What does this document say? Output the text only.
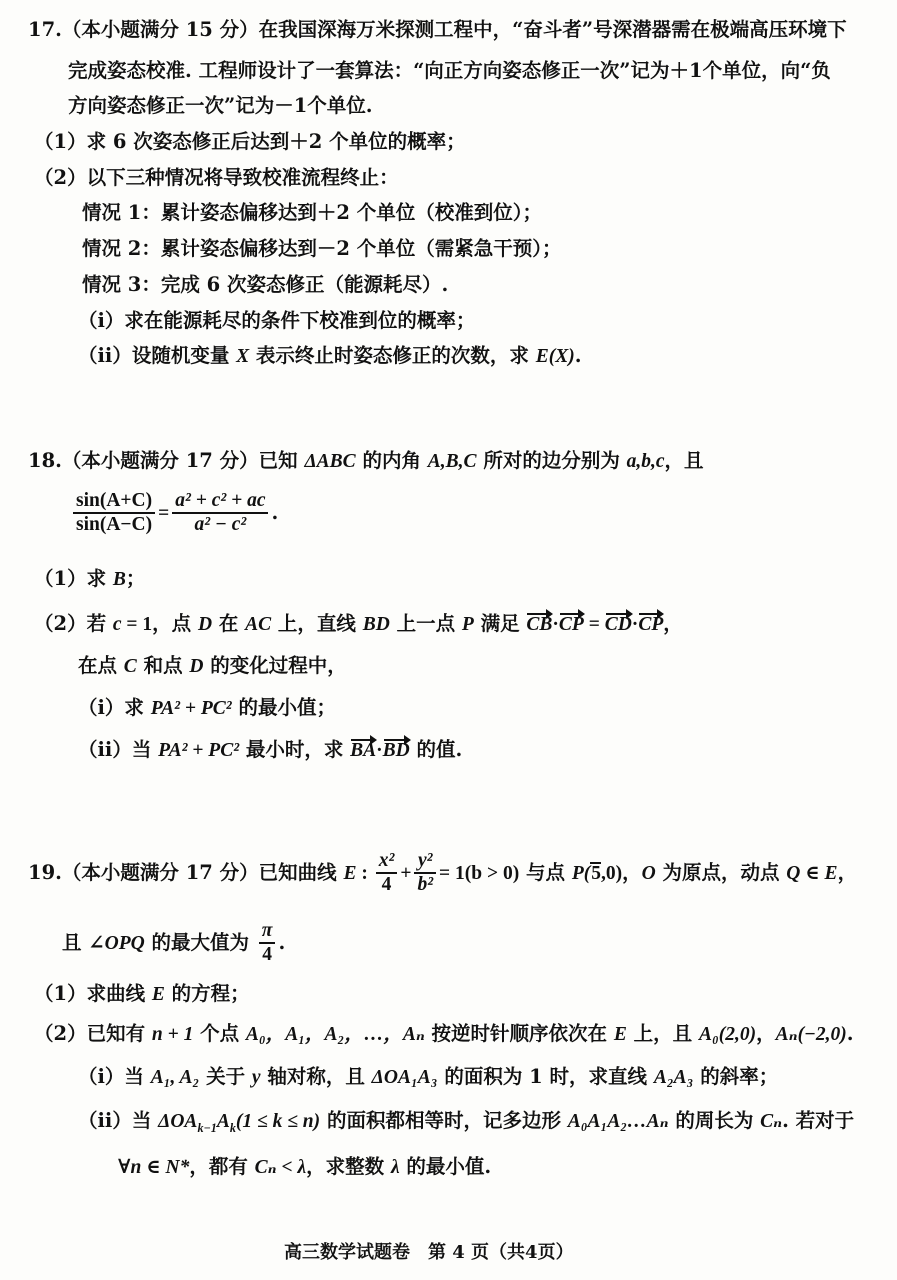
17.（本小题满分 15 分）在我国深海万米探测工程中，“奋斗者”号深潜器需在极端高压环境下
完成姿态校准. 工程师设计了一套算法：“向正方向姿态修正一次”记为＋1个单位，向“负
方向姿态修正一次”记为－1个单位.
（1）求 6 次姿态修正后达到＋2 个单位的概率；
（2）以下三种情况将导致校准流程终止：
情况 1：累计姿态偏移达到＋2 个单位（校准到位）；
情况 2：累计姿态偏移达到－2 个单位（需紧急干预）；
情况 3：完成 6 次姿态修正（能源耗尽）.
（i）求在能源耗尽的条件下校准到位的概率；
（ii）设随机变量 X 表示终止时姿态修正的次数，求 E(X).
18.（本小题满分 17 分）已知 ΔABC 的内角 A,B,C 所对的边分别为 a,b,c，且
$\frac{\sin(A+C)}{\sin(A-C)} = \frac{\text{a² + c² + ac}}{\text{a² − c²}}$ .
（1）求 B；
（2）若 c = 1，点 D 在 AC 上，直线 BD 上一点 P 满足 CB·CP = CD·CP，
在点 C 和点 D 的变化过程中，
（i）求 PA² + PC² 的最小值；
（ii）当 PA² + PC² 最小时，求 BA·BD 的值.
19.（本小题满分 17 分）已知曲线 E : $\frac{\text{x²}}{4} + \frac{\text{y²}}{\text{b²}} = 1(b > 0)$ 与点 P(5,0)，O 为原点，动点 Q ∈ E，
且 ∠OPQ 的最大值为 $\frac{\pi}{4}$ .
（1）求曲线 E 的方程；
（2）已知有 n + 1 个点 A₀，A₁，A₂，…，Aₙ 按逆时针顺序依次在 E 上，且 A₀(2,0)，Aₙ(−2,0).
（i）当 A₁, A₂ 关于 y 轴对称，且 ΔOA₁A₃ 的面积为 1 时，求直线 A₂A₃ 的斜率；
（ii）当 $\Delta OA_{k-1}A_k(1 \le k \le n)$ 的面积都相等时，记多边形 A₀A₁A₂…Aₙ 的周长为 Cₙ. 若对于
∀n ∈ N*，都有 Cₙ < λ，求整数 λ 的最小值.
高三数学试题卷　第 4 页（共4页）
